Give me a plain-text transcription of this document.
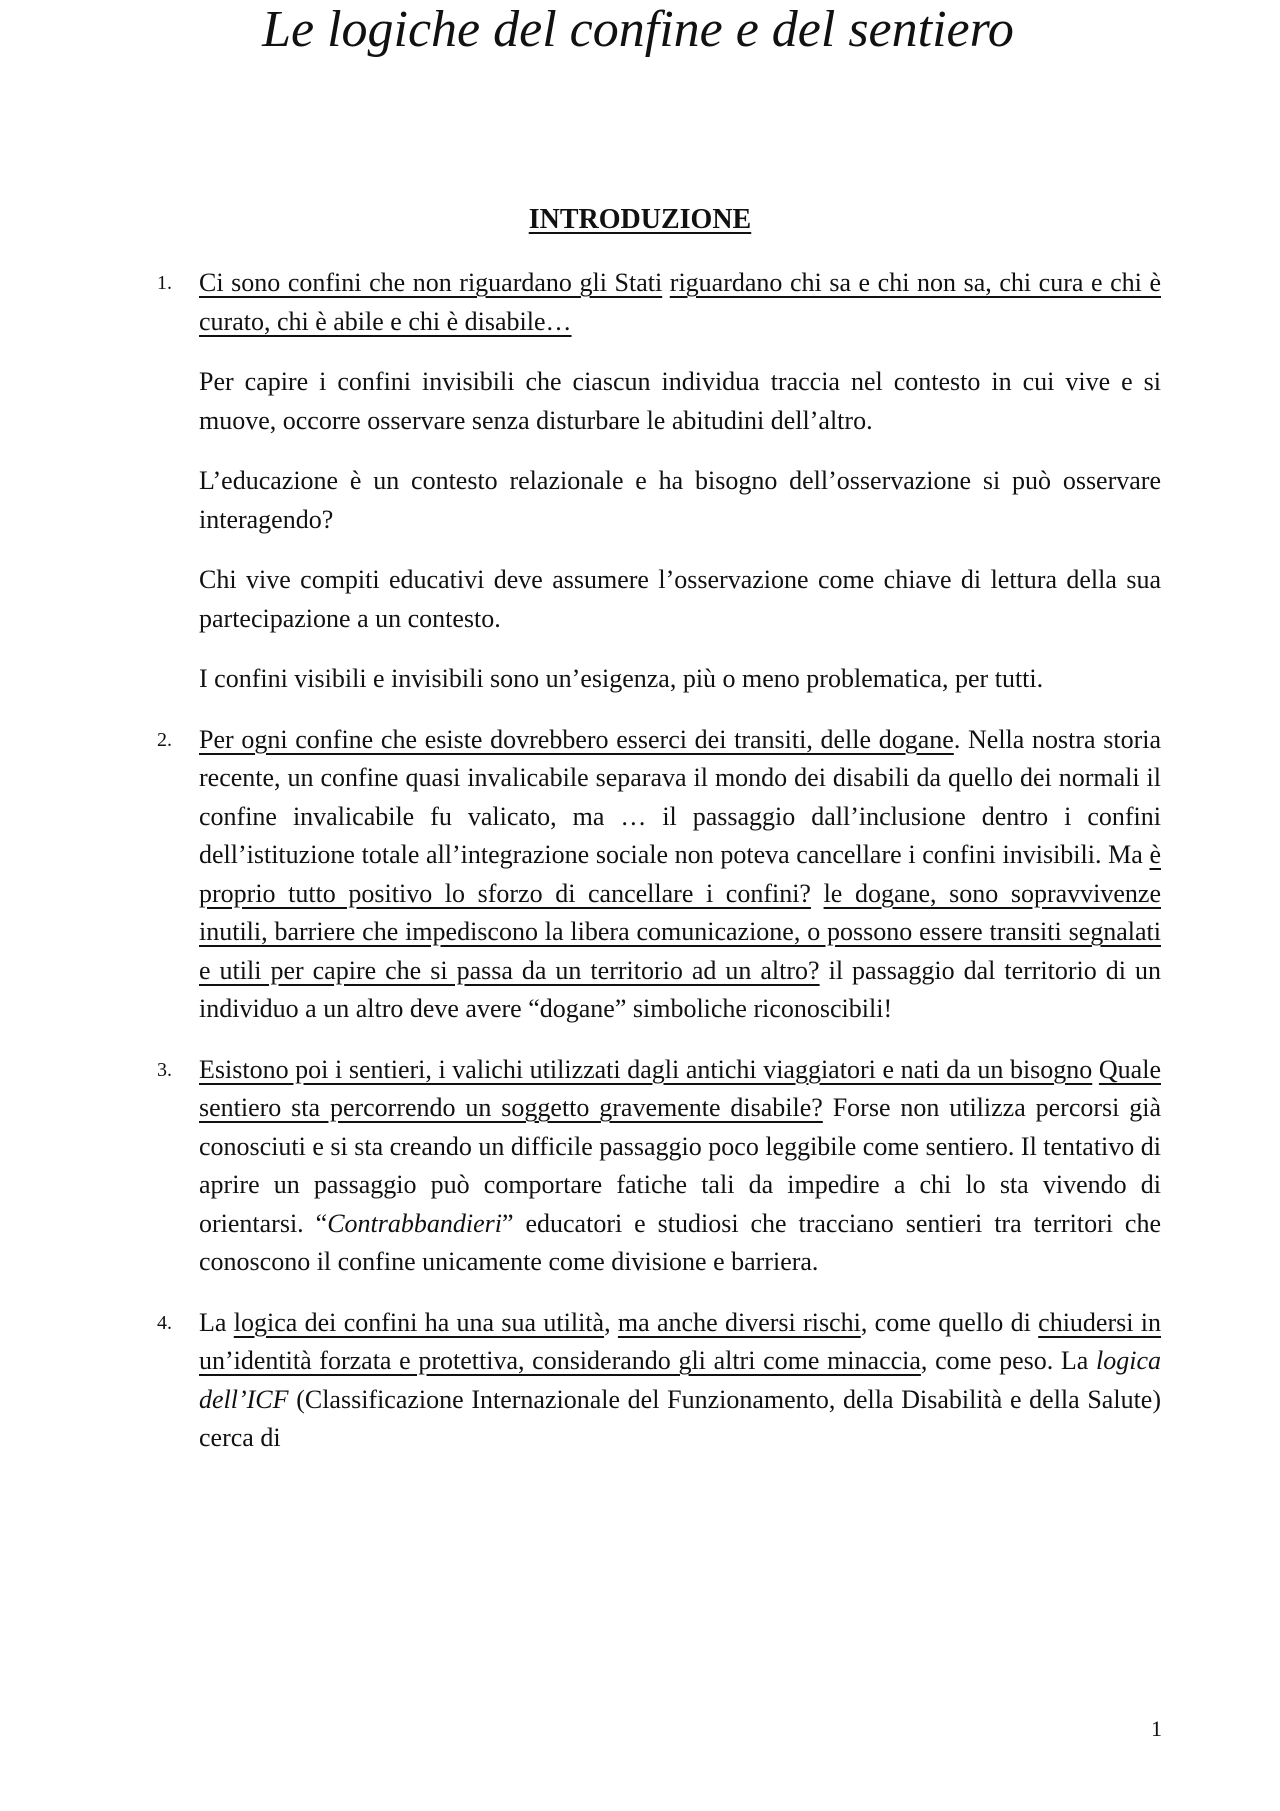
Le logiche del confine e del sentiero
INTRODUZIONE
1. Ci sono confini che non riguardano gli Stati riguardano chi sa e chi non sa, chi cura e chi è curato, chi è abile e chi è disabile…

Per capire i confini invisibili che ciascun individua traccia nel contesto in cui vive e si muove, occorre osservare senza disturbare le abitudini dell’altro.

L’educazione è un contesto relazionale e ha bisogno dell’osservazione si può osservare interagendo?

Chi vive compiti educativi deve assumere l’osservazione come chiave di lettura della sua partecipazione a un contesto.

I confini visibili e invisibili sono un’esigenza, più o meno problematica, per tutti.

2. Per ogni confine che esiste dovrebbero esserci dei transiti, delle dogane. Nella nostra storia recente, un confine quasi invalicabile separava il mondo dei disabili da quello dei normali il confine invalicabile fu valicato, ma … il passaggio dall’inclusione dentro i confini dell’istituzione totale all’integrazione sociale non poteva cancellare i confini invisibili. Ma è proprio tutto positivo lo sforzo di cancellare i confini? le dogane, sono sopravvivenze inutili, barriere che impediscono la libera comunicazione, o possono essere transiti segnalati e utili per capire che si passa da un territorio ad un altro? il passaggio dal territorio di un individuo a un altro deve avere “dogane” simboliche riconoscibili!

3. Esistono poi i sentieri, i valichi utilizzati dagli antichi viaggiatori e nati da un bisogno Quale sentiero sta percorrendo un soggetto gravemente disabile? Forse non utilizza percorsi già conosciuti e si sta creando un difficile passaggio poco leggibile come sentiero. Il tentativo di aprire un passaggio può comportare fatiche tali da impedire a chi lo sta vivendo di orientarsi. “Contrabbandieri” educatori e studiosi che tracciano sentieri tra territori che conoscono il confine unicamente come divisione e barriera.

4. La logica dei confini ha una sua utilità, ma anche diversi rischi, come quello di chiudersi in un’identità forzata e protettiva, considerando gli altri come minaccia, come peso. La logica dell’ICF (Classificazione Internazionale del Funzionamento, della Disabilità e della Salute) cerca di

1
